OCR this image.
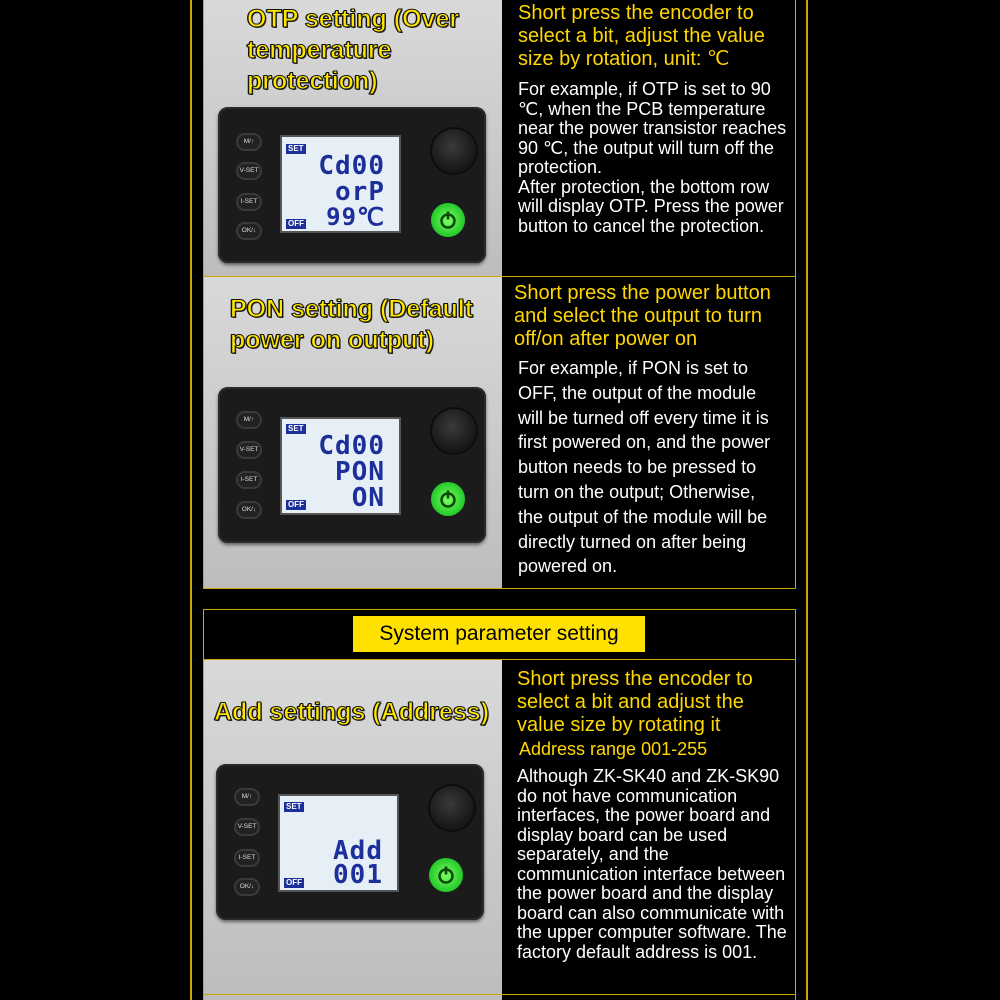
OTP setting (Over temperature protection)
M/↑
V-SET
I-SET
OK/↓
SET
OFF
Cd00
orP
99℃
Short press the encoder to select a bit, adjust the value size by rotation, unit: ℃
For example, if OTP is set to 90 ℃, when the PCB temperature near the power transistor reaches 90 ℃, the output will turn off the protection.
After protection, the bottom row will display OTP. Press the power button to cancel the protection.
PON setting (Default power on output)
M/↑
V-SET
I-SET
OK/↓
SET
OFF
Cd00
PON
ON
Short press the power button and select the output to turn off/on after power on
For example, if PON is set to OFF, the output of the module will be turned off every time it is first powered on, and the power button needs to be pressed to turn on the output; Otherwise, the output of the module will be directly turned on after being powered on.
System parameter setting
Add settings (Address)
M/↑
V-SET
I-SET
OK/↓
SET
OFF
Add
001
Short press the encoder to select a bit and adjust the value size by rotating it
Address range 001-255
Although ZK-SK40 and ZK-SK90 do not have communication interfaces, the power board and display board can be used separately, and the communication interface between the power board and the display board can also communicate with the upper computer software. The factory default address is 001.
